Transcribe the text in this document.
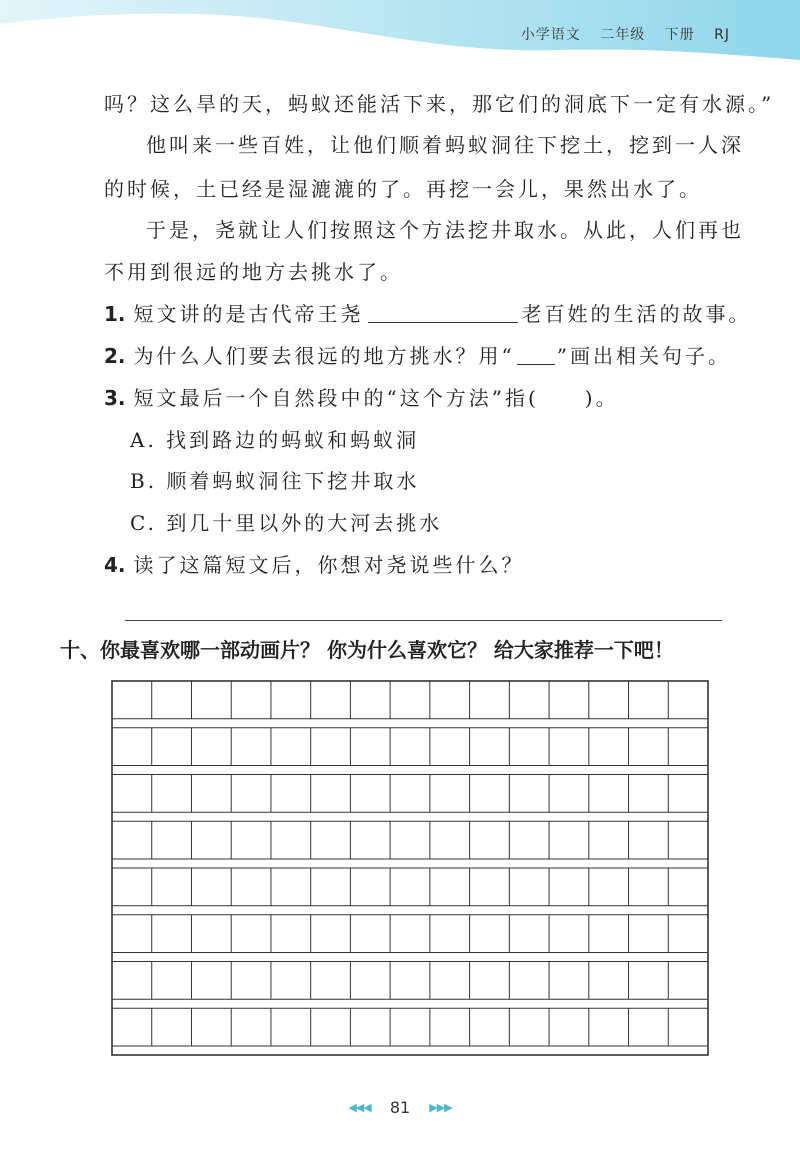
小学语文 二年级 下册 RJ
吗？这么旱的天，蚂蚁还能活下来，那它们的洞底下一定有水源。”
他叫来一些百姓，让他们顺着蚂蚁洞往下挖土，挖到一人深
的时候，土已经是湿漉漉的了。再挖一会儿，果然出水了。
于是，尧就让人们按照这个方法挖井取水。从此，人们再也
不用到很远的地方去挑水了。
1. 短文讲的是古代帝王尧	老百姓的生活的故事。
2. 为什么人们要去很远的地方挑水？用“ ”画出相关句子。
3. 短文最后一个自然段中的“这个方法”指( )。
A. 找到路边的蚂蚁和蚂蚁洞
B. 顺着蚂蚁洞往下挖井取水
C. 到几十里以外的大河去挑水
4. 读了这篇短文后，你想对尧说些什么？
十、你最喜欢哪一部动画片？ 你为什么喜欢它？ 给大家推荐一下吧！
◀◀◀ 81 ▶▶▶
